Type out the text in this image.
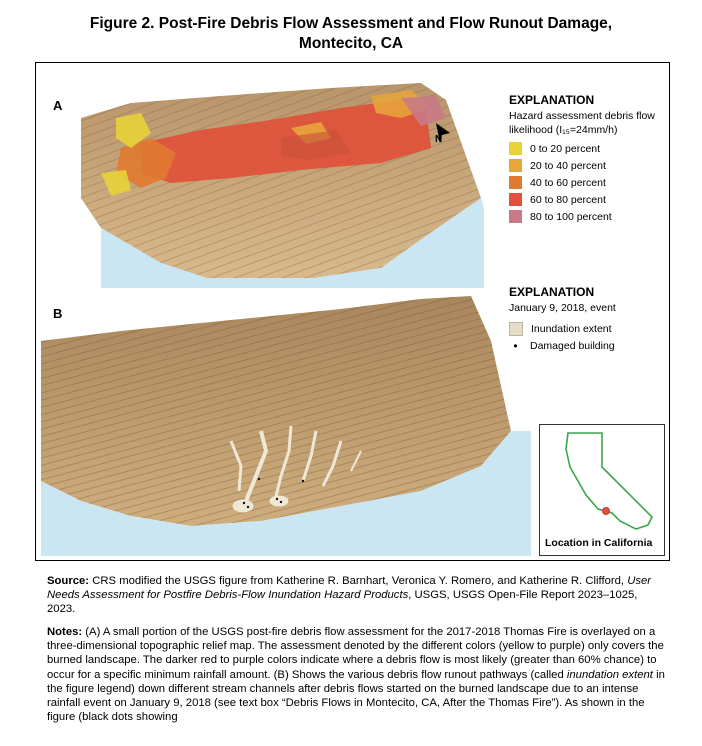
Figure 2. Post-Fire Debris Flow Assessment and Flow Runout Damage,
Montecito, CA
A
N
EXPLANATION
Hazard assessment debris flow
likelihood (I₁₅=24mm/h)
0 to 20 percent
20 to 40 percent
40 to 60 percent
60 to 80 percent
80 to 100 percent
B
EXPLANATION
January 9, 2018, event
Inundation extent
•	Damaged building
Location in California
Source: CRS modified the USGS figure from Katherine R. Barnhart, Veronica Y. Romero, and Katherine R. Clifford, User Needs Assessment for Postfire Debris-Flow Inundation Hazard Products, USGS, USGS Open-File Report 2023–1025, 2023.
Notes: (A) A small portion of the USGS post-fire debris flow assessment for the 2017-2018 Thomas Fire is overlayed on a three-dimensional topographic relief map. The assessment denoted by the different colors (yellow to purple) only covers the burned landscape. The darker red to purple colors indicate where a debris flow is most likely (greater than 60% chance) to occur for a specific minimum rainfall amount. (B) Shows the various debris flow runout pathways (called inundation extent in the figure legend) down different stream channels after debris flows started on the burned landscape due to an intense rainfall event on January 9, 2018 (see text box “Debris Flows in Montecito, CA, After the Thomas Fire”). As shown in the figure (black dots showing
